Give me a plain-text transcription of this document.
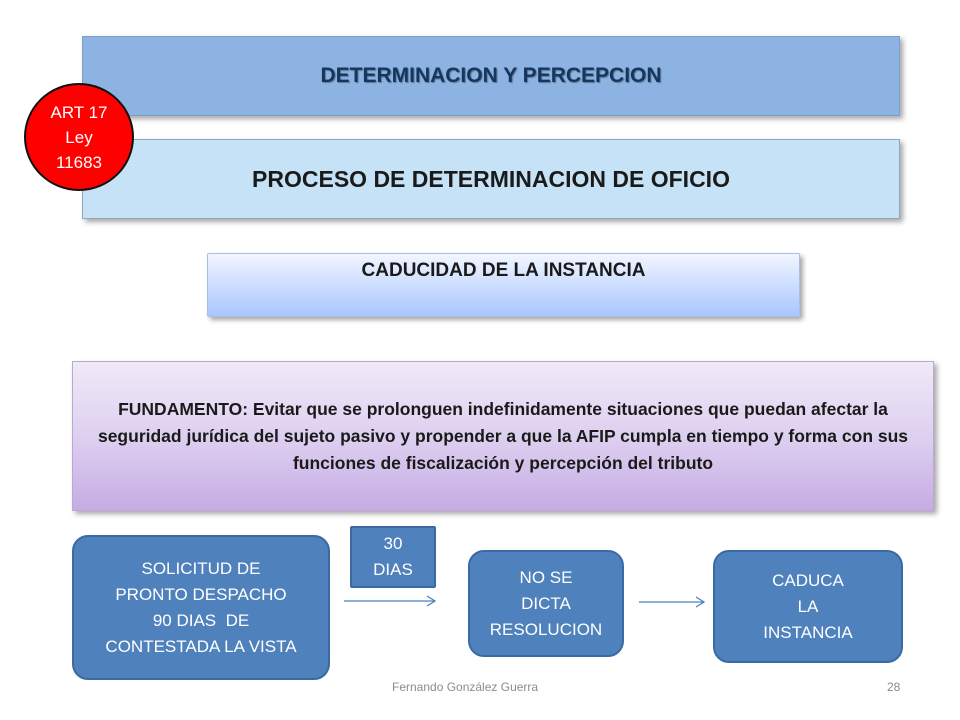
DETERMINACION Y PERCEPCION
PROCESO DE DETERMINACION DE OFICIO
ART 17
Ley
11683
CADUCIDAD DE LA INSTANCIA
FUNDAMENTO: Evitar que se prolonguen indefinidamente situaciones que puedan afectar la seguridad jurídica del sujeto pasivo y propender a que la AFIP cumpla en tiempo y forma con sus funciones de fiscalización y percepción del tributo
SOLICITUD DE
PRONTO DESPACHO
90 DIAS  DE
CONTESTADA LA VISTA
30
DIAS	NO SE
DICTA
RESOLUCION
CADUCA
LA
INSTANCIA
Fernando González Guerra	28
